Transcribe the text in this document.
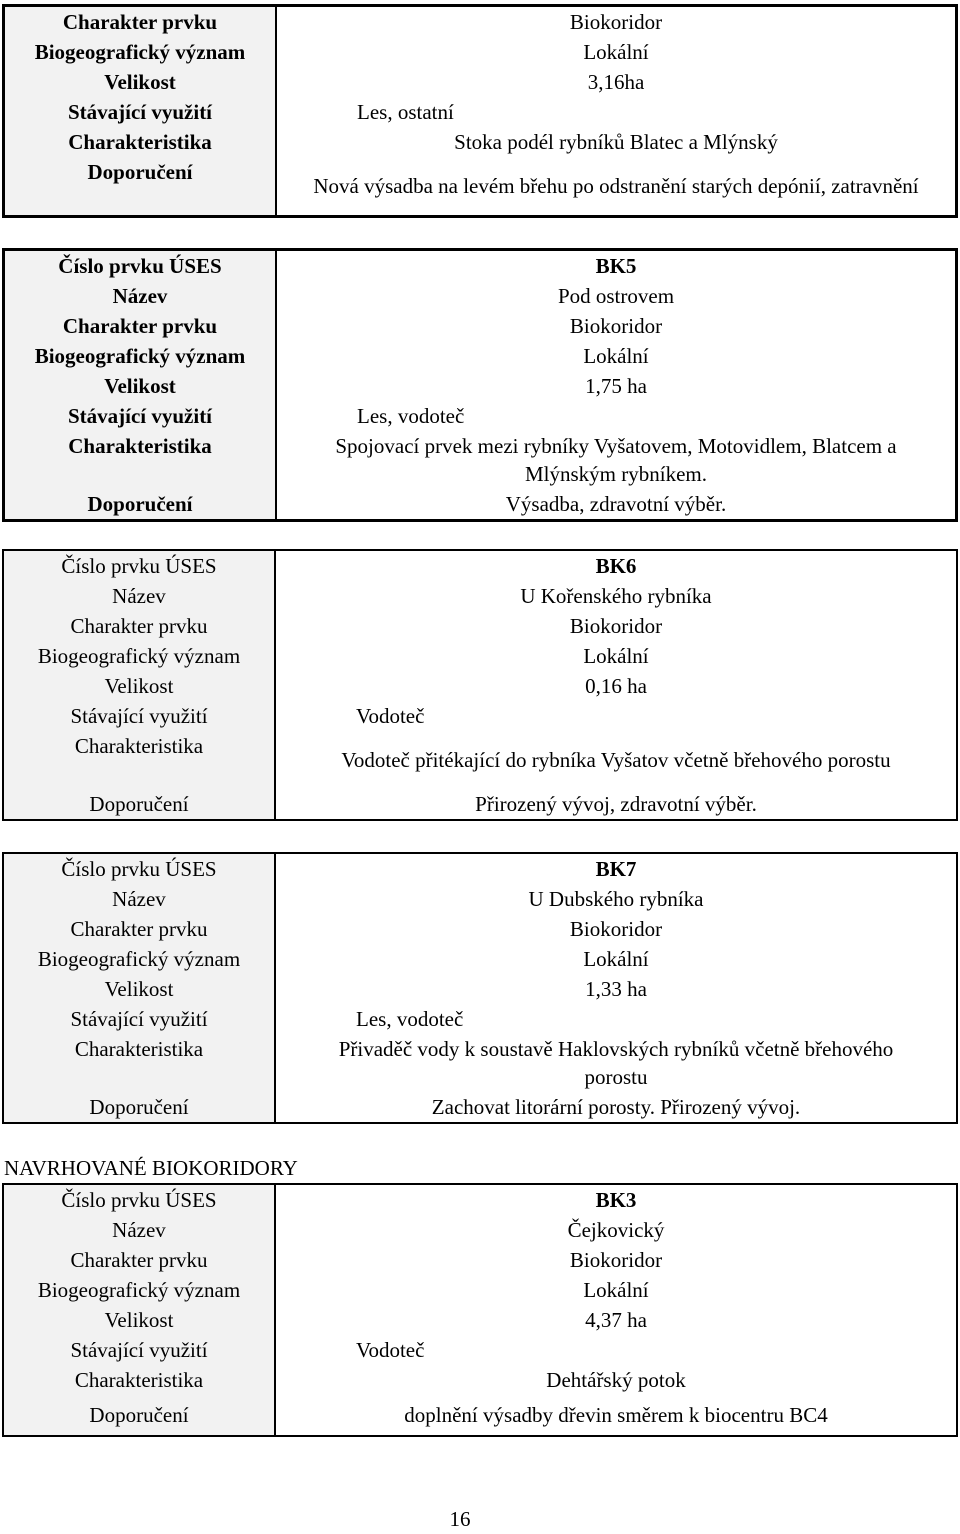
Charakter prvku	Biokoridor
Biogeografický význam	Lokální
Velikost	3,16ha
Stávající využití	Les, ostatní
Charakteristika	Stoka podél rybníků Blatec a Mlýnský
Doporučení	Nová výsadba na levém břehu po odstranění starých depónií, zatravnění
Číslo prvku ÚSES	BK5
Název	Pod ostrovem
Charakter prvku	Biokoridor
Biogeografický význam	Lokální
Velikost	1,75 ha
Stávající využití	Les, vodoteč
Charakteristika	Spojovací prvek mezi rybníky Vyšatovem, Motovidlem, Blatcem a Mlýnským rybníkem.
Doporučení	Výsadba, zdravotní výběr.
Číslo prvku ÚSES	BK6
Název	U Kořenského rybníka
Charakter prvku	Biokoridor
Biogeografický význam	Lokální
Velikost	0,16 ha
Stávající využití	Vodoteč
Charakteristika	Vodoteč přitékající do rybníka Vyšatov včetně břehového porostu
Doporučení	Přirozený vývoj, zdravotní výběr.
Číslo prvku ÚSES	BK7
Název	U Dubského rybníka
Charakter prvku	Biokoridor
Biogeografický význam	Lokální
Velikost	1,33 ha
Stávající využití	Les, vodoteč
Charakteristika	Přivaděč vody k soustavě Haklovských rybníků včetně břehového porostu
Doporučení	Zachovat litorární porosty. Přirozený vývoj.
NAVRHOVANÉ BIOKORIDORY
Číslo prvku ÚSES	BK3
Název	Čejkovický
Charakter prvku	Biokoridor
Biogeografický význam	Lokální
Velikost	4,37 ha
Stávající využití	Vodoteč
Charakteristika	Dehtářský potok
Doporučení	doplnění výsadby dřevin směrem k biocentru BC4
16
